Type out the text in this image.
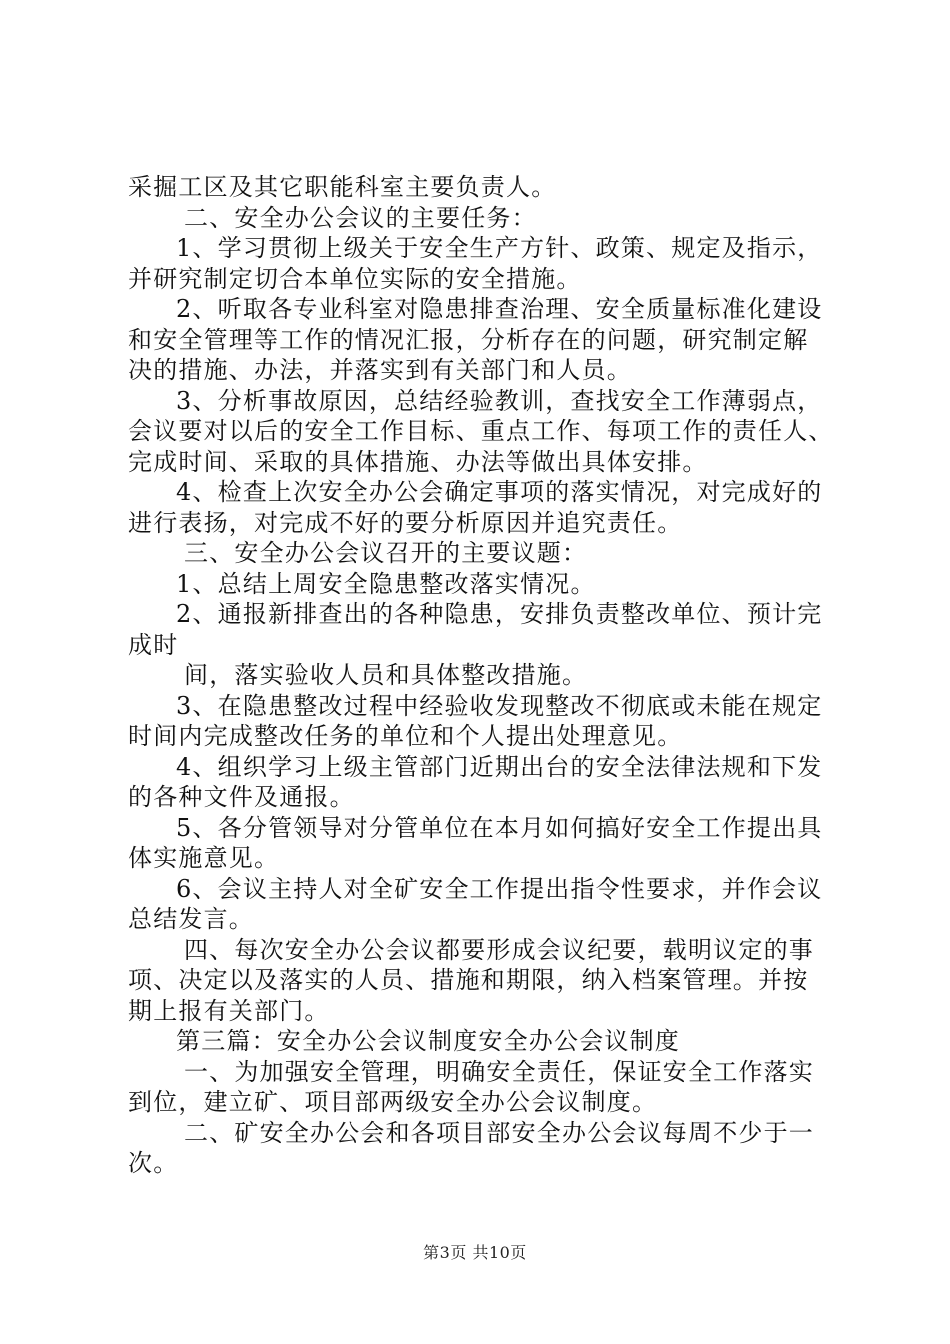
采掘工区及其它职能科室主要负责人。
二、安全办公会议的主要任务：
1、学习贯彻上级关于安全生产方针、政策、规定及指示，
并研究制定切合本单位实际的安全措施。
2、听取各专业科室对隐患排查治理、安全质量标准化建设
和安全管理等工作的情况汇报，分析存在的问题，研究制定解
决的措施、办法，并落实到有关部门和人员。
3、分析事故原因，总结经验教训，查找安全工作薄弱点，
会议要对以后的安全工作目标、重点工作、每项工作的责任人、
完成时间、采取的具体措施、办法等做出具体安排。
4、检查上次安全办公会确定事项的落实情况，对完成好的
进行表扬，对完成不好的要分析原因并追究责任。
三、安全办公会议召开的主要议题：
1、总结上周安全隐患整改落实情况。
2、通报新排查出的各种隐患，安排负责整改单位、预计完
成时
间，落实验收人员和具体整改措施。
3、在隐患整改过程中经验收发现整改不彻底或未能在规定
时间内完成整改任务的单位和个人提出处理意见。
4、组织学习上级主管部门近期出台的安全法律法规和下发
的各种文件及通报。
5、各分管领导对分管单位在本月如何搞好安全工作提出具
体实施意见。
6、会议主持人对全矿安全工作提出指令性要求，并作会议
总结发言。
四、每次安全办公会议都要形成会议纪要，载明议定的事
项、决定以及落实的人员、措施和期限，纳入档案管理。并按
期上报有关部门。
第三篇：安全办公会议制度安全办公会议制度
一、为加强安全管理，明确安全责任，保证安全工作落实
到位，建立矿、项目部两级安全办公会议制度。
二、矿安全办公会和各项目部安全办公会议每周不少于一
次。
第3页 共10页
